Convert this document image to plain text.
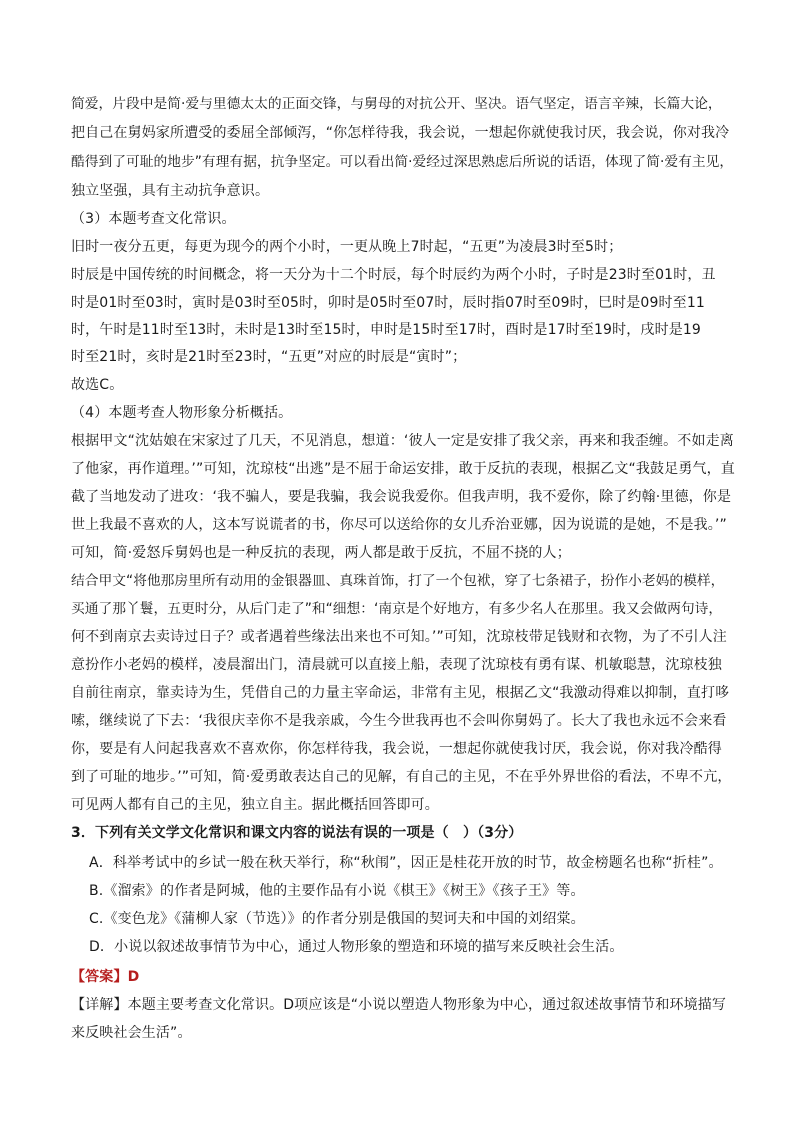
简爱，片段中是简·爱与里德太太的正面交锋，与舅母的对抗公开、坚决。语气坚定，语言辛辣，长篇大论，

把自己在舅妈家所遭受的委屈全部倾泻，“你怎样待我，我会说，一想起你就使我讨厌，我会说，你对我冷

酷得到了可耻的地步”有理有据，抗争坚定。可以看出简·爱经过深思熟虑后所说的话语，体现了简·爱有主见，

独立坚强，具有主动抗争意识。

（3）本题考查文化常识。

旧时一夜分五更，每更为现今的两个小时，一更从晚上7时起，“五更”为凌晨3时至5时；

时辰是中国传统的时间概念，将一天分为十二个时辰，每个时辰约为两个小时，子时是23时至01时，丑

时是01时至03时，寅时是03时至05时，卯时是05时至07时，辰时指07时至09时，巳时是09时至11

时，午时是11时至13时，未时是13时至15时，申时是15时至17时，酉时是17时至19时，戌时是19

时至21时，亥时是21时至23时，“五更”对应的时辰是“寅时”；

故选C。

（4）本题考查人物形象分析概括。

根据甲文“沈姑娘在宋家过了几天，不见消息，想道：‘彼人一定是安排了我父亲，再来和我歪缠。不如走离

了他家，再作道理。’”可知，沈琼枝“出逃”是不屈于命运安排，敢于反抗的表现，根据乙文“我鼓足勇气，直

截了当地发动了进攻：‘我不骗人，要是我骗，我会说我爱你。但我声明，我不爱你，除了约翰·里德，你是

世上我最不喜欢的人，这本写说谎者的书，你尽可以送给你的女儿乔治亚娜，因为说谎的是她，不是我。’”

可知，简·爱怒斥舅妈也是一种反抗的表现，两人都是敢于反抗，不屈不挠的人；

结合甲文“将他那房里所有动用的金银器皿、真珠首饰，打了一个包袱，穿了七条裙子，扮作小老妈的模样，

买通了那丫鬟，五更时分，从后门走了”和“细想：‘南京是个好地方，有多少名人在那里。我又会做两句诗，

何不到南京去卖诗过日子？或者遇着些缘法出来也不可知。’”可知，沈琼枝带足钱财和衣物，为了不引人注

意扮作小老妈的模样，凌晨溜出门，清晨就可以直接上船，表现了沈琼枝有勇有谋、机敏聪慧，沈琼枝独

自前往南京，靠卖诗为生，凭借自己的力量主宰命运，非常有主见，根据乙文“我激动得难以抑制，直打哆

嗦，继续说了下去：‘我很庆幸你不是我亲戚，今生今世我再也不会叫你舅妈了。长大了我也永远不会来看

你，要是有人问起我喜欢不喜欢你，你怎样待我，我会说，一想起你就使我讨厌，我会说，你对我冷酷得

到了可耻的地步。’”可知，简·爱勇敢表达自己的见解，有自己的主见，不在乎外界世俗的看法，不卑不亢，

可见两人都有自己的主见，独立自主。据此概括回答即可。

3．下列有关文学文化常识和课文内容的说法有误的一项是（　）（3分）

A．科举考试中的乡试一般在秋天举行，称“秋闱”，因正是桂花开放的时节，故金榜题名也称“折桂”。

B.《溜索》的作者是阿城，他的主要作品有小说《棋王》《树王》《孩子王》等。

C.《变色龙》《蒲柳人家（节选）》的作者分别是俄国的契诃夫和中国的刘绍棠。

D．小说以叙述故事情节为中心，通过人物形象的塑造和环境的描写来反映社会生活。

【答案】D

【详解】本题主要考查文化常识。D项应该是“小说以塑造人物形象为中心，通过叙述故事情节和环境描写

来反映社会生活”。
